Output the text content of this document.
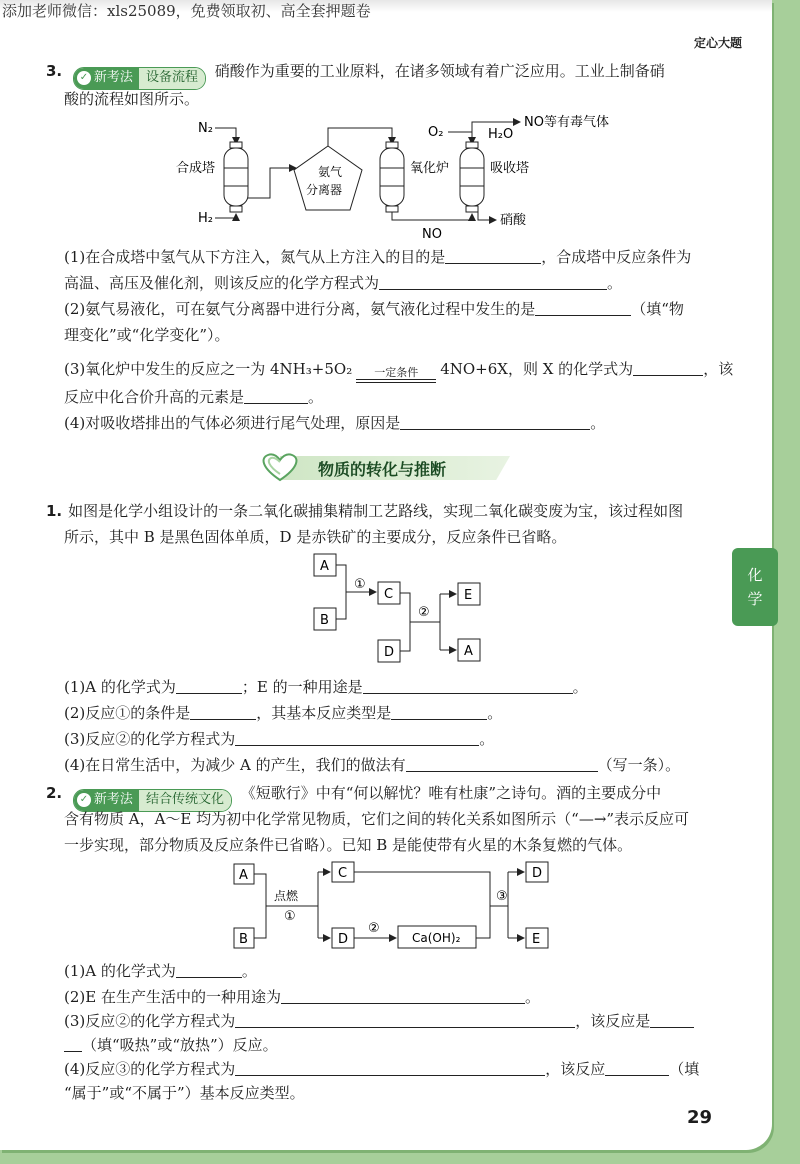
添加老师微信：xls25089，免费领取初、高全套押题卷
定心大题
3. ✓ 新考法	设备流程	硝酸作为重要的工业原料，在诸多领域有着广泛应用。工业上制备硝
酸的流程如图所示。
N₂
合成塔
H₂
氨气
分离器
氧化炉
O₂
NO
吸收塔
H₂O
NO等有毒气体
硝酸
(1)在合成塔中氢气从下方注入，氮气从上方注入的目的是	，合成塔中反应条件为
高温、高压及催化剂，则该反应的化学方程式为	。
(2)氨气易液化，可在氨气分离器中进行分离，氨气液化过程中发生的是	（填“物
理变化”或“化学变化”）。
(3)氧化炉中发生的反应之一为 4NH₃+5O₂ 一定条件 4NO+6X，则 X 的化学式为	，该
反应中化合价升高的元素是	。
(4)对吸收塔排出的气体必须进行尾气处理，原因是	。
物质的转化与推断
1. 如图是化学小组设计的一条二氧化碳捕集精制工艺路线，实现二氧化碳变废为宝，该过程如图
所示，其中 B 是黑色固体单质，D 是赤铁矿的主要成分，反应条件已省略。
A
B
①
C
D
②
E
A
(1)A 的化学式为	；E 的一种用途是	。
(2)反应①的条件是	，其基本反应类型是	。
(3)反应②的化学方程式为	。
(4)在日常生活中，为减少 A 的产生，我们的做法有	（写一条）。
2. ✓ 新考法	结合传统文化	《短歌行》中有“何以解忧？唯有杜康”之诗句。酒的主要成分中
含有物质 A，A～E 均为初中化学常见物质，它们之间的转化关系如图所示（“—→”表示反应可
一步实现，部分物质及反应条件已省略）。已知 B 是能使带有火星的木条复燃的气体。
A
B
点燃
①
C
D
②
Ca(OH)₂
③
D
E
(1)A 的化学式为	。
(2)E 在生产生活中的一种用途为	。
(3)反应②的化学方程式为	，该反应是
（填“吸热”或“放热”）反应。
(4)反应③的化学方程式为	，该反应	（填
“属于”或“不属于”）基本反应类型。
29
化
学
